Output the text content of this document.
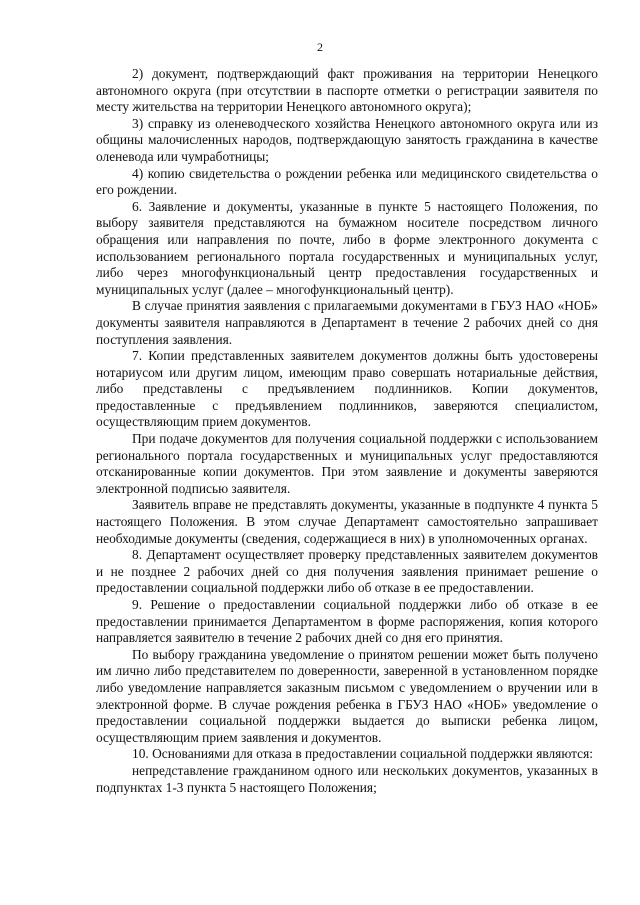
2

2) документ, подтверждающий факт проживания на территории Ненецкого автономного округа (при отсутствии в паспорте отметки о регистрации заявителя по месту жительства на территории Ненецкого автономного округа);

3) справку из оленеводческого хозяйства Ненецкого автономного округа или из общины малочисленных народов, подтверждающую занятость гражданина в качестве оленевода или чумработницы;

4) копию свидетельства о рождении ребенка или медицинского свидетельства о его рождении.

6. Заявление и документы, указанные в пункте 5 настоящего Положения, по выбору заявителя представляются на бумажном носителе посредством личного обращения или направления по почте, либо в форме электронного документа с использованием регионального портала государственных и муниципальных услуг, либо через многофункциональный центр предоставления государственных и муниципальных услуг (далее – многофункциональный центр).

В случае принятия заявления с прилагаемыми документами в ГБУЗ НАО «НОБ» документы заявителя направляются в Департамент в течение 2 рабочих дней со дня поступления заявления.

7. Копии представленных заявителем документов должны быть удостоверены нотариусом или другим лицом, имеющим право совершать нотариальные действия, либо представлены с предъявлением подлинников. Копии документов, предоставленные с предъявлением подлинников, заверяются специалистом, осуществляющим прием документов.

При подаче документов для получения социальной поддержки с использованием регионального портала государственных и муниципальных услуг предоставляются отсканированные копии документов. При этом заявление и документы заверяются электронной подписью заявителя.

Заявитель вправе не представлять документы, указанные в подпункте 4 пункта 5 настоящего Положения. В этом случае Департамент самостоятельно запрашивает необходимые документы (сведения, содержащиеся в них) в уполномоченных органах.

8. Департамент осуществляет проверку представленных заявителем документов и не позднее 2 рабочих дней со дня получения заявления принимает решение о предоставлении социальной поддержки либо об отказе в ее предоставлении.

9. Решение о предоставлении социальной поддержки либо об отказе в ее предоставлении принимается Департаментом в форме распоряжения, копия которого направляется заявителю в течение 2 рабочих дней со дня его принятия.

По выбору гражданина уведомление о принятом решении может быть получено им лично либо представителем по доверенности, заверенной в установленном порядке либо уведомление направляется заказным письмом с уведомлением о вручении или в электронной форме. В случае рождения ребенка в ГБУЗ НАО «НОБ» уведомление о предоставлении социальной поддержки выдается до выписки ребенка лицом, осуществляющим прием заявления и документов.

10. Основаниями для отказа в предоставлении социальной поддержки являются:

непредставление гражданином одного или нескольких документов, указанных в подпунктах 1-3 пункта 5 настоящего Положения;
